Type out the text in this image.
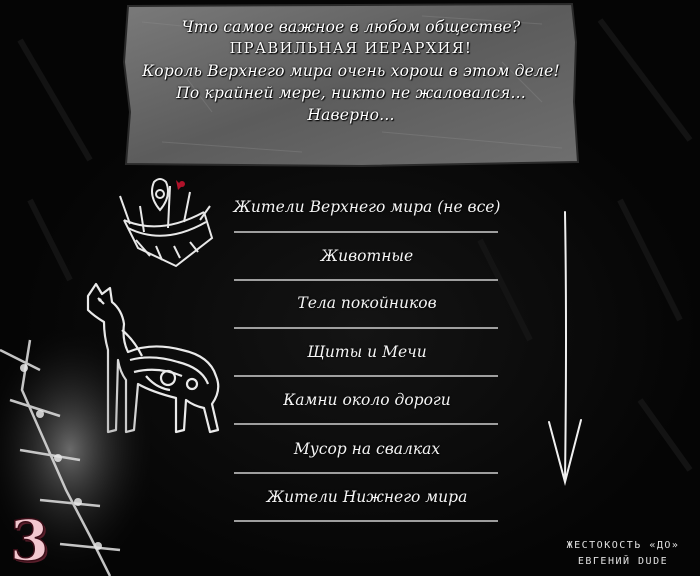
Что самое важное в любом обществе?
ПРАВИЛЬНАЯ ИЕРАРХИЯ!
Король Верхнего мира очень хорош в этом деле!
По крайней мере, никто не жаловался...
Наверно...
Жители Верхнего мира (не все)
Животные
Тела покойников
Щиты и Мечи
Камни около дороги
Мусор на свалках
Жители Нижнего мира
3	ЖЕСТОКОСТЬ «ДО»
ЕВГЕНИЙ DUDE
